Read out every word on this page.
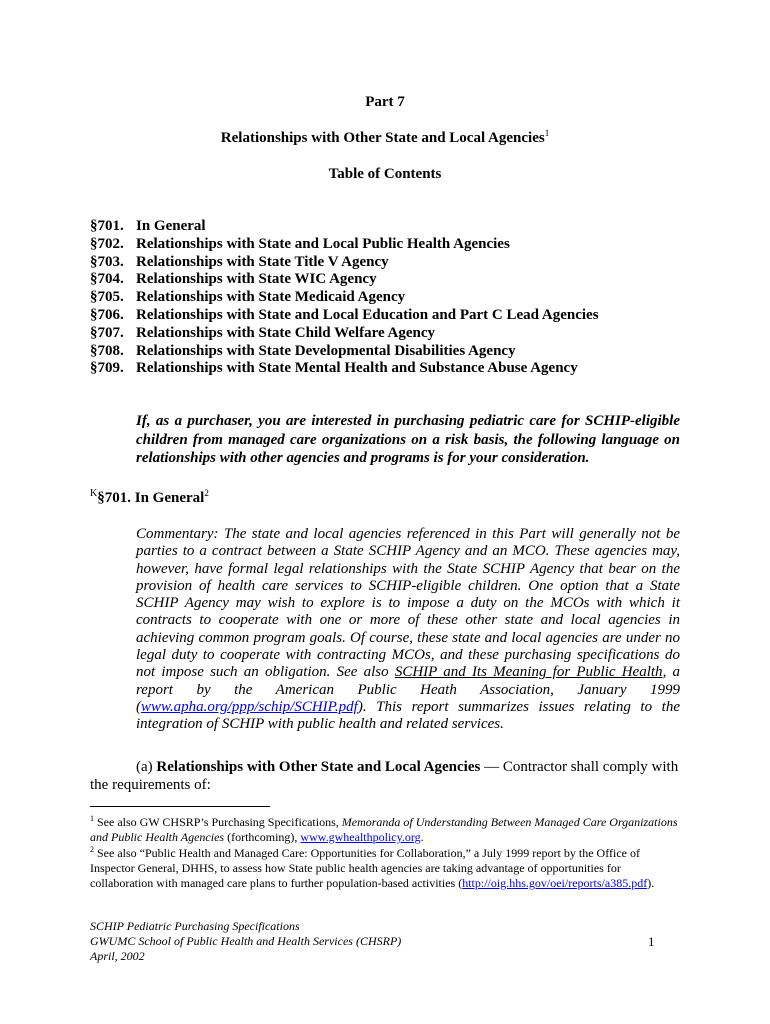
Part 7
Relationships with Other State and Local Agencies$^1$
Table of Contents
§701. In General
§702. Relationships with State and Local Public Health Agencies
§703. Relationships with State Title V Agency
§704. Relationships with State WIC Agency
§705. Relationships with State Medicaid Agency
§706. Relationships with State and Local Education and Part C Lead Agencies
§707. Relationships with State Child Welfare Agency
§708. Relationships with State Developmental Disabilities Agency
§709. Relationships with State Mental Health and Substance Abuse Agency

If, as a purchaser, you are interested in purchasing pediatric care for SCHIP-eligible children from managed care organizations on a risk basis, the following language on relationships with other agencies and programs is for your consideration.

$^K$§701. In General$^2$

Commentary: The state and local agencies referenced in this Part will generally not be parties to a contract between a State SCHIP Agency and an MCO. These agencies may, however, have formal legal relationships with the State SCHIP Agency that bear on the provision of health care services to SCHIP-eligible children. One option that a State SCHIP Agency may wish to explore is to impose a duty on the MCOs with which it contracts to cooperate with one or more of these other state and local agencies in achieving common program goals. Of course, these state and local agencies are under no legal duty to cooperate with contracting MCOs, and these purchasing specifications do not impose such an obligation. See also SCHIP and Its Meaning for Public Health, a report by the American Public Heath Association, January 1999 (www.apha.org/ppp/schip/SCHIP.pdf). This report summarizes issues relating to the integration of SCHIP with public health and related services.

(a) Relationships with Other State and Local Agencies — Contractor shall comply with the requirements of:

$^1$ See also GW CHSRP’s Purchasing Specifications, Memoranda of Understanding Between Managed Care Organizations and Public Health Agencies (forthcoming), www.gwhealthpolicy.org.

$^2$ See also “Public Health and Managed Care: Opportunities for Collaboration,” a July 1999 report by the Office of Inspector General, DHHS, to assess how State public health agencies are taking advantage of opportunities for collaboration with managed care plans to further population-based activities (http://oig.hhs.gov/oei/reports/a385.pdf).

SCHIP Pediatric Purchasing Specifications
GWUMC School of Public Health and Health Services (CHSRP)
April, 2002
1
